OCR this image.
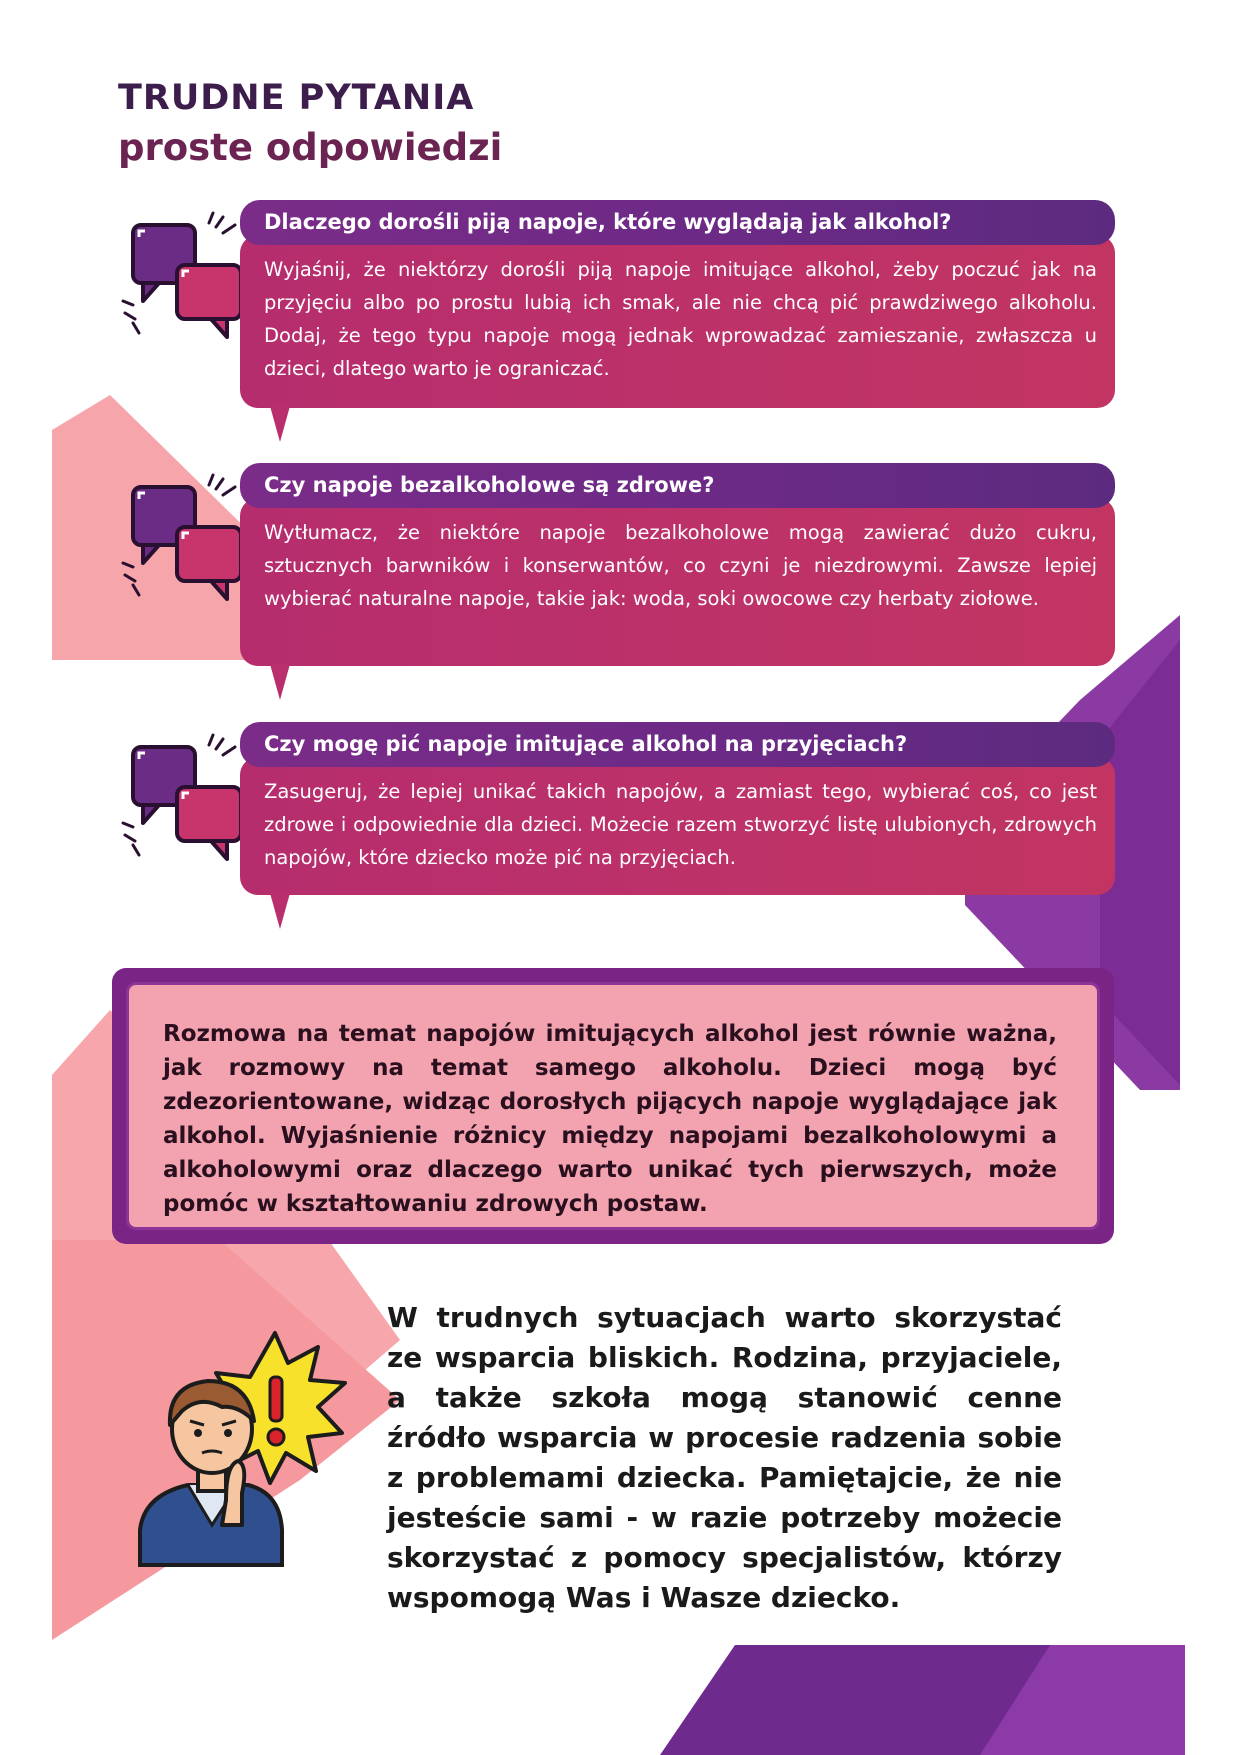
TRUDNE PYTANIA
proste odpowiedzi
Dlaczego dorośli piją napoje, które wyglądają jak alkohol?
Wyjaśnij, że niektórzy dorośli piją napoje imitujące alkohol, żeby poczuć jak na przyjęciu albo po prostu lubią ich smak, ale nie chcą pić prawdziwego alkoholu. Dodaj, że tego typu napoje mogą jednak wprowadzać zamieszanie, zwłaszcza u dzieci, dlatego warto je ograniczać.
Czy napoje bezalkoholowe są zdrowe?
Wytłumacz, że niektóre napoje bezalkoholowe mogą zawierać dużo cukru, sztucznych barwników i konserwantów, co czyni je niezdrowymi. Zawsze lepiej wybierać naturalne napoje, takie jak: woda, soki owocowe czy herbaty ziołowe.
Czy mogę pić napoje imitujące alkohol na przyjęciach?
Zasugeruj, że lepiej unikać takich napojów, a zamiast tego, wybierać coś, co jest zdrowe i odpowiednie dla dzieci. Możecie razem stworzyć listę ulubionych, zdrowych napojów, które dziecko może pić na przyjęciach.
Rozmowa na temat napojów imitujących alkohol jest równie ważna, jak rozmowy na temat samego alkoholu. Dzieci mogą być zdezorientowane, widząc dorosłych pijących napoje wyglądające jak alkohol. Wyjaśnienie różnicy między napojami bezalkoholowymi a alkoholowymi oraz dlaczego warto unikać tych pierwszych, może pomóc w kształtowaniu zdrowych postaw.

W trudnych sytuacjach warto skorzystać ze wsparcia bliskich. Rodzina, przyjaciele, a także szkoła mogą stanowić cenne źródło wsparcia w procesie radzenia sobie z problemami dziecka. Pamiętajcie, że nie jesteście sami - w razie potrzeby możecie skorzystać z pomocy specjalistów, którzy wspomogą Was i Wasze dziecko.
